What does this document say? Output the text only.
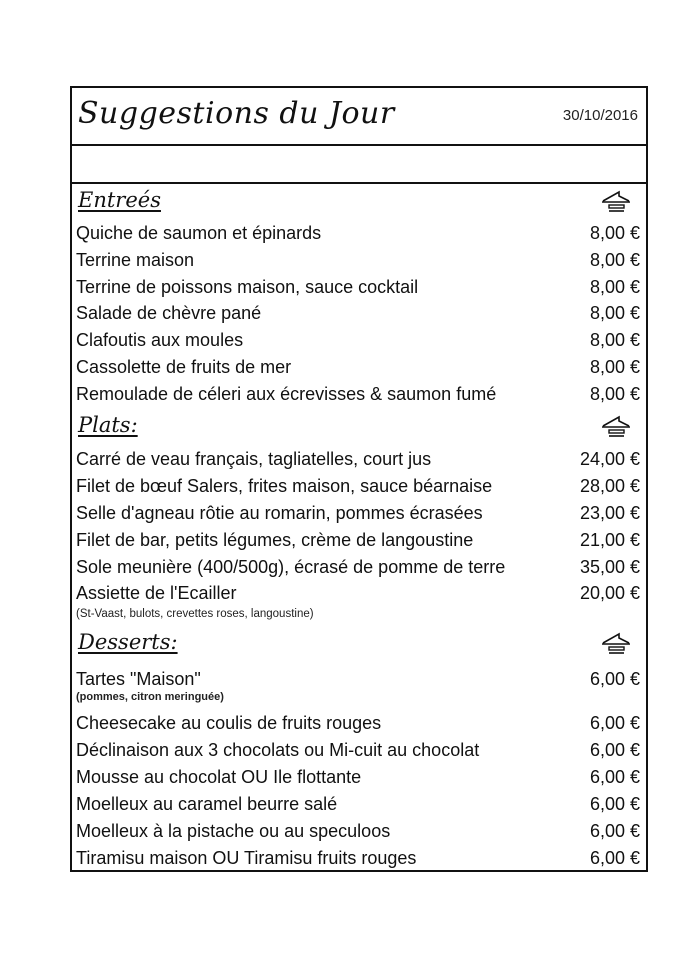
Suggestions du Jour	30/10/2016
Entreés
Quiche de saumon et épinards	8,00 €
Terrine maison	8,00 €
Terrine de poissons maison, sauce cocktail	8,00 €
Salade de chèvre pané	8,00 €
Clafoutis aux moules	8,00 €
Cassolette de fruits de mer	8,00 €
Remoulade de céleri aux écrevisses & saumon fumé	8,00 €
Plats:
Carré de veau français, tagliatelles, court jus	24,00 €
Filet de bœuf Salers, frites maison, sauce béarnaise	28,00 €
Selle d'agneau rôtie au romarin, pommes écrasées	23,00 €
Filet de bar, petits légumes, crème de langoustine	21,00 €
Sole meunière (400/500g), écrasé de pomme de terre	35,00 €
Assiette de l'Ecailler	20,00 €
(St-Vaast, bulots, crevettes roses, langoustine)
Desserts:
Tartes "Maison"	6,00 €
(pommes, citron meringuée)
Cheesecake au coulis de fruits rouges	6,00 €
Déclinaison aux 3 chocolats ou Mi-cuit au chocolat	6,00 €
Mousse au chocolat OU Ile flottante	6,00 €
Moelleux au caramel beurre salé	6,00 €
Moelleux à la pistache ou au speculoos	6,00 €
Tiramisu maison OU Tiramisu fruits rouges	6,00 €
